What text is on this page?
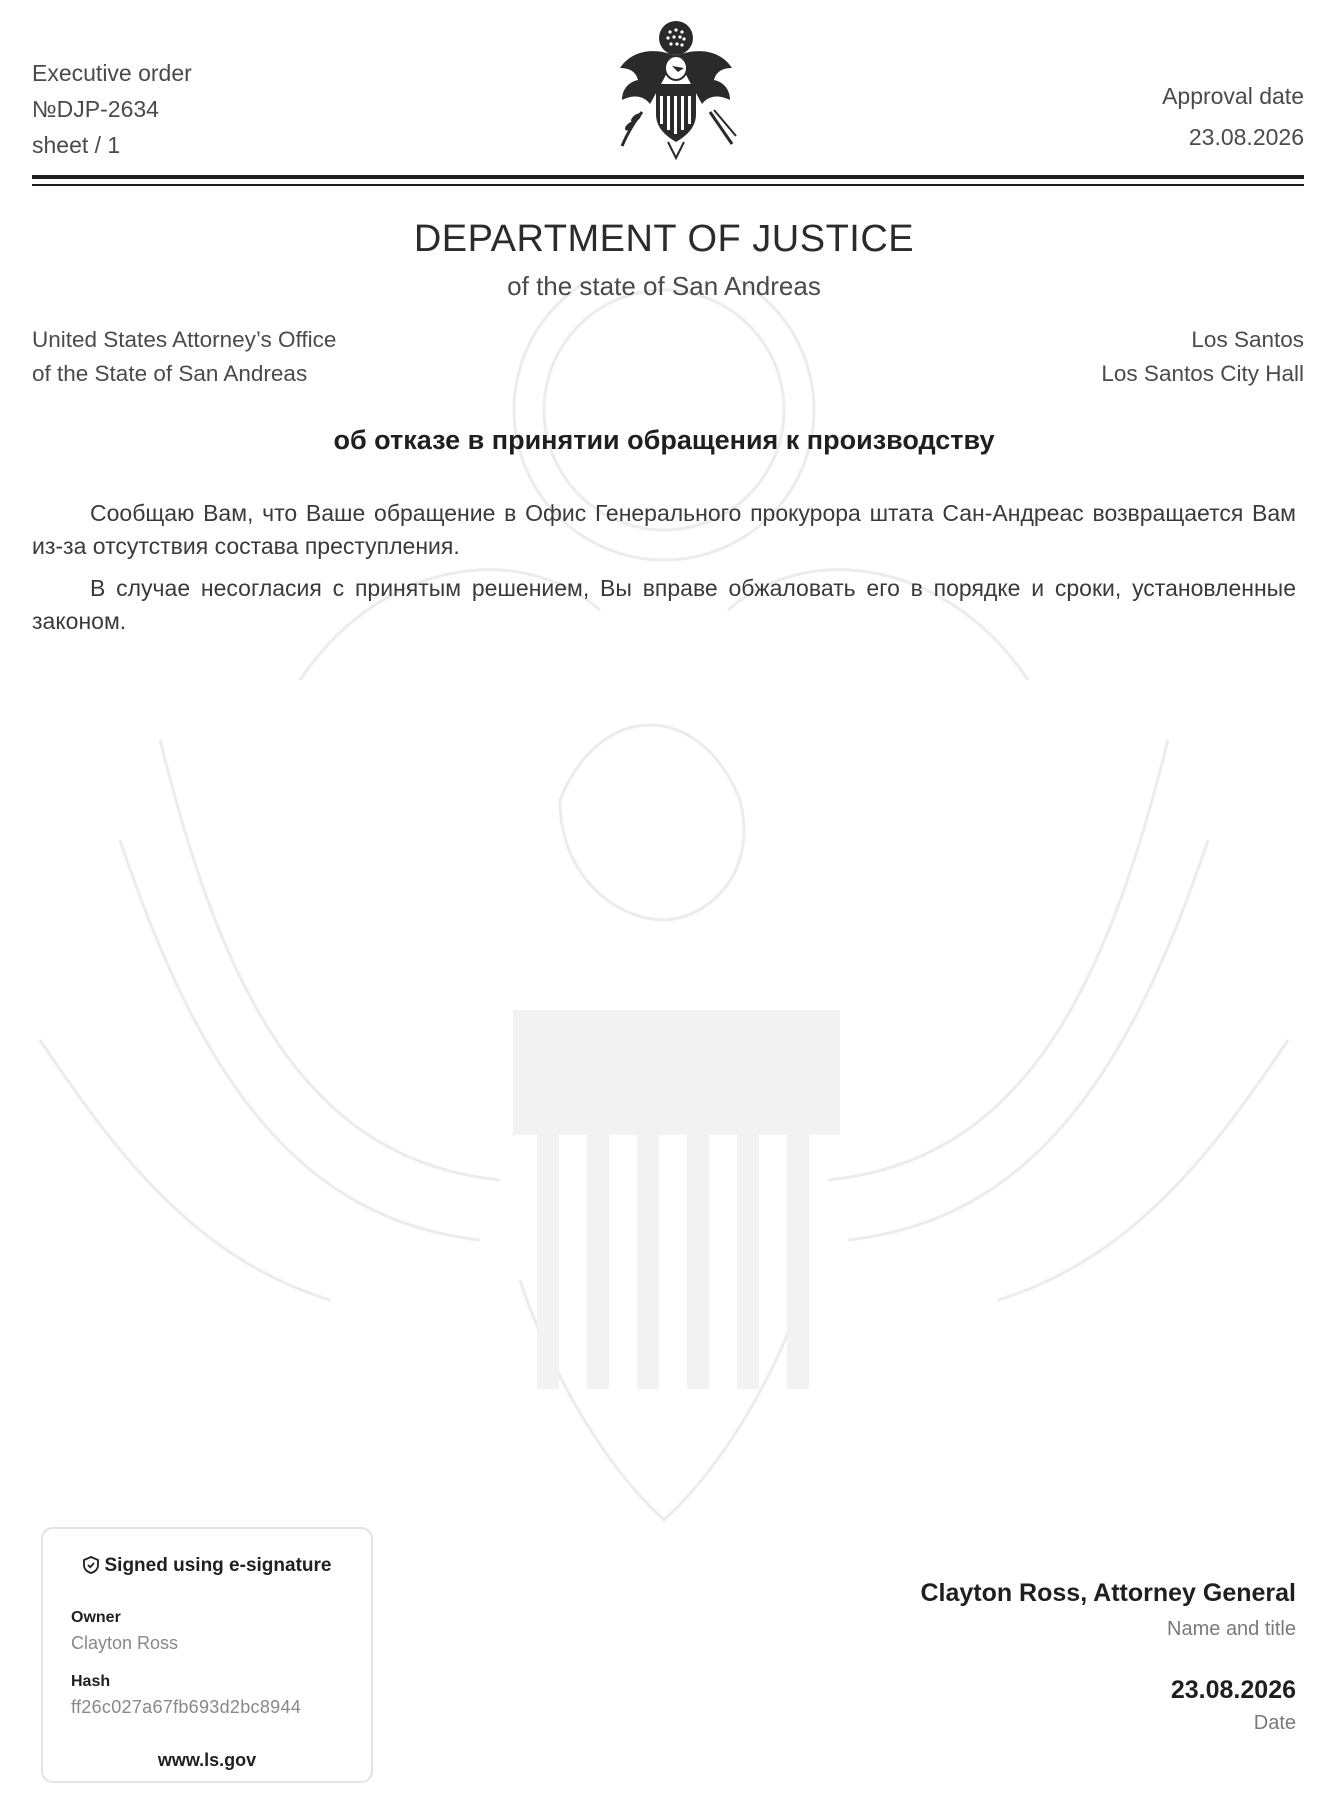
Executive order
№DJP-2634
sheet / 1
Approval date
23.08.2026
DEPARTMENT OF JUSTICE
of the state of San Andreas
United States Attorney’s Office
of the State of San Andreas
Los Santos
Los Santos City Hall
об отказе в принятии обращения к производству

Сообщаю Вам, что Ваше обращение в Офис Генерального прокурора штата Сан-Андреас возвращается Вам из-за отсутствия состава преступления.

В случае несогласия с принятым решением, Вы вправе обжаловать его в порядке и сроки, установленные законом.

Signed using e-signature
Owner
Clayton Ross
Hash
ff26c027a67fb693d2bc8944
www.ls.gov
Clayton Ross, Attorney General
Name and title
23.08.2026
Date
